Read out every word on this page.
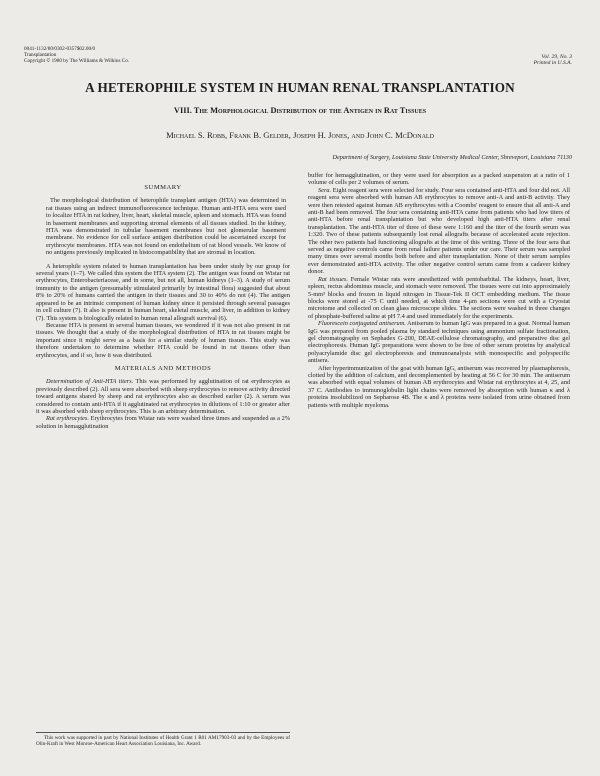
0041-1132/80/0302-0357$02.00/0
Transplantation
Copyright © 1980 by The Williams & Wilkins Co.
Vol. 29, No. 3
Printed in U.S.A.
A HETEROPHILE SYSTEM IN HUMAN RENAL TRANSPLANTATION
VIII. The Morphological Distribution of the Antigen in Rat Tissues

Michael S. Robb, Frank B. Gelder, Joseph H. Jones, and John C. McDonald

Department of Surgery, Louisiana State University Medical Center, Shreveport, Louisiana 71130

SUMMARY

The morphological distribution of heterophile transplant antigen (HTA) was determined in rat tissues using an indirect immunofluorescence technique. Human anti-HTA sera were used to localize HTA in rat kidney, liver, heart, skeletal muscle, spleen and stomach. HTA was found in basement membranes and supporting stromal elements of all tissues studied. In the kidney, HTA was demonstrated in tubular basement membranes but not glomerular basement membrane. No evidence for cell surface antigen distribution could be ascertained except for erythrocyte membranes. HTA was not found on endothelium of rat blood vessels. We know of no antigens previously implicated in histocompatibility that are stromal in location.

A heterophile system related to human transplantation has been under study by our group for several years (1–7). We called this system the HTA system (2). The antigen was found on Wistar rat erythrocytes, Enterobacteriaceae, and in some, but not all, human kidneys (1–3). A study of serum immunity to the antigen (presumably stimulated primarily by intestinal flora) suggested that about 8% to 20% of humans carried the antigen in their tissues and 30 to 40% do not (4). The antigen appeared to be an intrinsic component of human kidney since it persisted through several passages in cell culture (7). It also is present in human heart, skeletal muscle, and liver, in addition to kidney (7). This system is biologically related to human renal allograft survival (6).

Because HTA is present in several human tissues, we wondered if it was not also present in rat tissues. We thought that a study of the morphological distribution of HTA in rat tissues might be important since it might serve as a basis for a similar study of human tissues. This study was therefore undertaken to determine whether HTA could be found in rat tissues other than erythrocytes, and if so, how it was distributed.

MATERIALS AND METHODS

Determination of Anti-HTA titers. This was performed by agglutination of rat erythrocytes as previously described (2). All sera were absorbed with sheep erythrocytes to remove activity directed toward antigens shared by sheep and rat erythrocytes also as described earlier (2). A serum was considered to contain anti-HTA if it agglutinated rat erythrocytes in dilutions of 1:10 or greater after it was absorbed with sheep erythrocytes. This is an arbitrary determination.

Rat erythrocytes. Erythrocytes from Wistar rats were washed three times and suspended as a 2% solution in hemagglutination

This work was supported in part by National Institutes of Health Grant 1 R01 AM17903-03 and by the Employees of Olin-Kraft in West Monroe-American Heart Association Louisiana, Inc. Award.

buffer for hemagglutination, or they were used for absorption as a packed suspension at a ratio of 1 volume of cells per 2 volumes of serum.

Sera. Eight reagent sera were selected for study. Four sera contained anti-HTA and four did not. All reagent sera were absorbed with human AB erythrocytes to remove anti-A and anti-B activity. They were then retested against human AB erythrocytes with a Coombs' reagent to ensure that all anti-A and anti-B had been removed. The four sera containing anti-HTA came from patients who had low titers of anti-HTA before renal transplantation but who developed high anti-HTA titers after renal transplantation. The anti-HTA titer of three of these were 1:160 and the titer of the fourth serum was 1:320. Two of these patients subsequently lost renal allografts because of accelerated acute rejection. The other two patients had functioning allografts at the time of this writing. Three of the four sera that served as negative controls came from renal failure patients under our care. Their serum was sampled many times over several months both before and after transplantation. None of their serum samples ever demonstrated anti-HTA activity. The other negative control serum came from a cadaver kidney donor.

Rat tissues. Female Wistar rats were anesthetized with pentobarbital. The kidneys, heart, liver, spleen, rectus abdominus muscle, and stomach were removed. The tissues were cut into approximately 5-mm³ blocks and frozen in liquid nitrogen in Tissue-Tek II OCT embedding medium. The tissue blocks were stored at -75 C until needed, at which time 4-μm sections were cut with a Cryostat microtome and collected on clean glass microscope slides. The sections were washed in three changes of phosphate-buffered saline at pH 7.4 and used immediately for the experiments.

Fluorescein conjugated antiserum. Antiserum to human IgG was prepared in a goat. Normal human IgG was prepared from pooled plasma by standard techniques using ammonium sulfate fractionation, gel chromatography on Sephadex G-200, DEAE-cellulose chromatography, and preparative disc gel electrophoresis. Human IgG preparations were shown to be free of other serum proteins by analytical polyacrylamide disc gel electrophoresis and immunoanalysis with monospecific and polyspecific antisera.

After hyperimmunization of the goat with human IgG, antiserum was recovered by plasmapheresis, clotted by the addition of calcium, and decomplemented by heating at 56 C for 30 min. The antiserum was absorbed with equal volumes of human AB erythrocytes and Wistar rat erythrocytes at 4, 25, and 37 C. Antibodies to immunoglobulin light chains were removed by absorption with human κ and λ proteins insolubilized on Sepharose 4B. The κ and λ proteins were isolated from urine obtained from patients with multiple myeloma.
